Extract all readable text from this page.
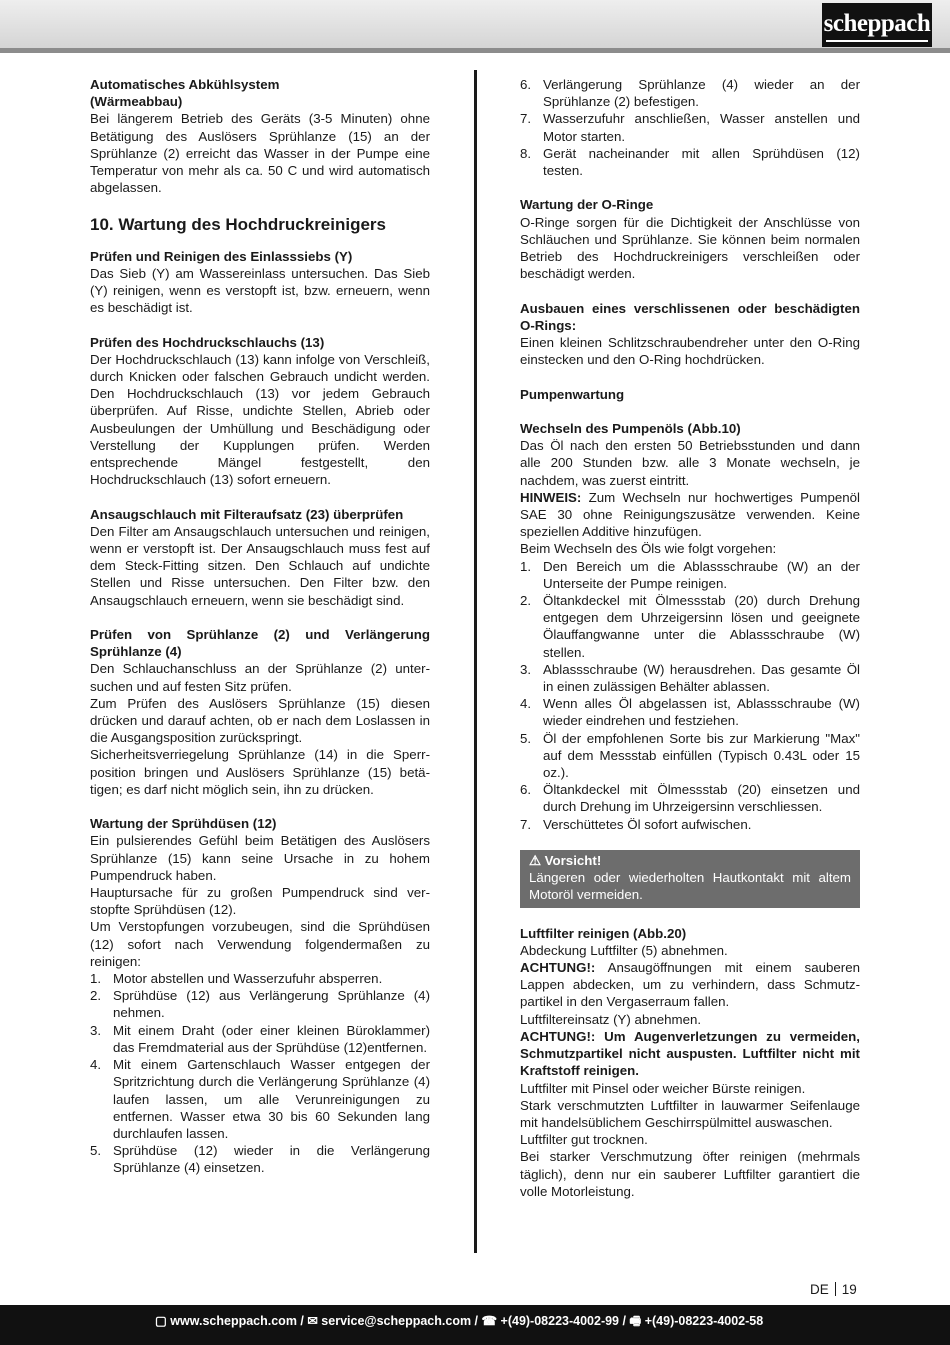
scheppach
Automatisches Abkühlsystem
(Wärmeabbau)

Bei längerem Betrieb des Geräts (3-5 Minuten) ohne Betätigung des Auslösers Sprühlanze (15) an der Sprühlanze (2) erreicht das Wasser in der Pumpe eine Temperatur von mehr als ca. 50 C und wird automatisch abgelassen.

10. Wartung des Hochdruckreinigers
Prüfen und Reinigen des Einlasssiebs (Y)

Das Sieb (Y) am Wassereinlass untersuchen. Das Sieb (Y) reinigen, wenn es verstopft ist, bzw. erneuern, wenn es beschädigt ist.

Prüfen des Hochdruckschlauchs (13)

Der Hochdruckschlauch (13) kann infolge von Verschleiß, durch Knicken oder falschen Gebrauch undicht werden. Den Hochdruckschlauch (13) vor jedem Gebrauch überprüfen. Auf Risse, undichte Stellen, Abrieb oder Ausbeulungen der Umhüllung und Beschädigung oder Verstellung der Kupplungen prüfen. Werden entsprechende Mängel festgestellt, den Hochdruckschlauch (13) sofort erneuern.

Ansaugschlauch mit Filteraufsatz (23) überprüfen

Den Filter am Ansaugschlauch untersuchen und reinigen, wenn er verstopft ist. Der Ansaugschlauch muss fest auf dem Steck-Fitting sitzen. Den Schlauch auf undichte Stellen und Risse untersuchen. Den Filter bzw. den Ansaugschlauch erneuern, wenn sie beschädigt sind.

Prüfen von Sprühlanze (2) und Verlängerung Sprühlanze (4)

Den Schlauchanschluss an der Sprühlanze (2) untersuchen und auf festen Sitz prüfen.

Zum Prüfen des Auslösers Sprühlanze (15) diesen drücken und darauf achten, ob er nach dem Loslassen in die Ausgangsposition zurückspringt.

Sicherheitsverriegelung Sprühlanze (14) in die Sperrposition bringen und Auslösers Sprühlanze (15) betätigen; es darf nicht möglich sein, ihn zu drücken.

Wartung der Sprühdüsen (12)

Ein pulsierendes Gefühl beim Betätigen des Auslösers Sprühlanze (15) kann seine Ursache in zu hohem Pumpendruck haben.

Hauptursache für zu großen Pumpendruck sind verstopfte Sprühdüsen (12).

Um Verstopfungen vorzubeugen, sind die Sprühdüsen (12) sofort nach Verwendung folgendermaßen zu reinigen:

1. Motor abstellen und Wasserzufuhr absperren.
2. Sprühdüse (12) aus Verlängerung Sprühlanze (4) nehmen.
3. Mit einem Draht (oder einer kleinen Büroklammer) das Fremdmaterial aus der Sprühdüse (12)entfernen.
4. Mit einem Gartenschlauch Wasser entgegen der Spritzrichtung durch die Verlängerung Sprühlanze (4) laufen lassen, um alle Verunreinigungen zu entfernen. Wasser etwa 30 bis 60 Sekunden lang durchlaufen lassen.
5. Sprühdüse (12) wieder in die Verlängerung Sprühlanze (4) einsetzen.
6. Verlängerung Sprühlanze (4) wieder an der Sprühlanze (2) befestigen.
7. Wasserzufuhr anschließen, Wasser anstellen und Motor starten.
8. Gerät nacheinander mit allen Sprühdüsen (12) testen.
Wartung der O-Ringe

O-Ringe sorgen für die Dichtigkeit der Anschlüsse von Schläuchen und Sprühlanze. Sie können beim normalen Betrieb des Hochdruckreinigers verschleißen oder beschädigt werden.

Ausbauen eines verschlissenen oder beschädigten O-Rings:

Einen kleinen Schlitzschraubendreher unter den O-Ring einstecken und den O-Ring hochdrücken.

Pumpenwartung
Wechseln des Pumpenöls (Abb.10)

Das Öl nach den ersten 50 Betriebsstunden und dann alle 200 Stunden bzw. alle 3 Monate wechseln, je nachdem, was zuerst eintritt.

HINWEIS: Zum Wechseln nur hochwertiges Pumpenöl SAE 30 ohne Reinigungszusätze verwenden. Keine speziellen Additive hinzufügen.

Beim Wechseln des Öls wie folgt vorgehen:

1. Den Bereich um die Ablassschraube (W) an der Unterseite der Pumpe reinigen.
2. Öltankdeckel mit Ölmessstab (20) durch Drehung entgegen dem Uhrzeigersinn lösen und geeignete Ölauffangwanne unter die Ablassschraube (W) stellen.
3. Ablassschraube (W) herausdrehen. Das gesamte Öl in einen zulässigen Behälter ablassen.
4. Wenn alles Öl abgelassen ist, Ablassschraube (W) wieder eindrehen und festziehen.
5. Öl der empfohlenen Sorte bis zur Markierung "Max" auf dem Messstab einfüllen (Typisch 0.43L oder 15 oz.).
6. Öltankdeckel mit Ölmessstab (20) einsetzen und durch Drehung im Uhrzeigersinn verschliessen.
7. Verschüttetes Öl sofort aufwischen.
⚠ Vorsicht!

Längeren oder wiederholten Hautkontakt mit altem Motoröl vermeiden.

Luftfilter reinigen (Abb.20)

Abdeckung Luftfilter (5) abnehmen.

ACHTUNG!: Ansaugöffnungen mit einem sauberen Lappen abdecken, um zu verhindern, dass Schmutzpartikel in den Vergaserraum fallen.

Luftfiltereinsatz (Y) abnehmen.

ACHTUNG!: Um Augenverletzungen zu vermeiden, Schmutzpartikel nicht auspusten. Luftfilter nicht mit Kraftstoff reinigen.

Luftfilter mit Pinsel oder weicher Bürste reinigen.

Stark verschmutzten Luftfilter in lauwarmer Seifenlauge mit handelsüblichem Geschirrspülmittel auswaschen.

Luftfilter gut trocknen.

Bei starker Verschmutzung öfter reinigen (mehrmals täglich), denn nur ein sauberer Luftfilter garantiert die volle Motorleistung.

DE 19
▢ www.scheppach.com / ✉ service@scheppach.com / ☎ +(49)-08223-4002-99 / 🖷 +(49)-08223-4002-58
